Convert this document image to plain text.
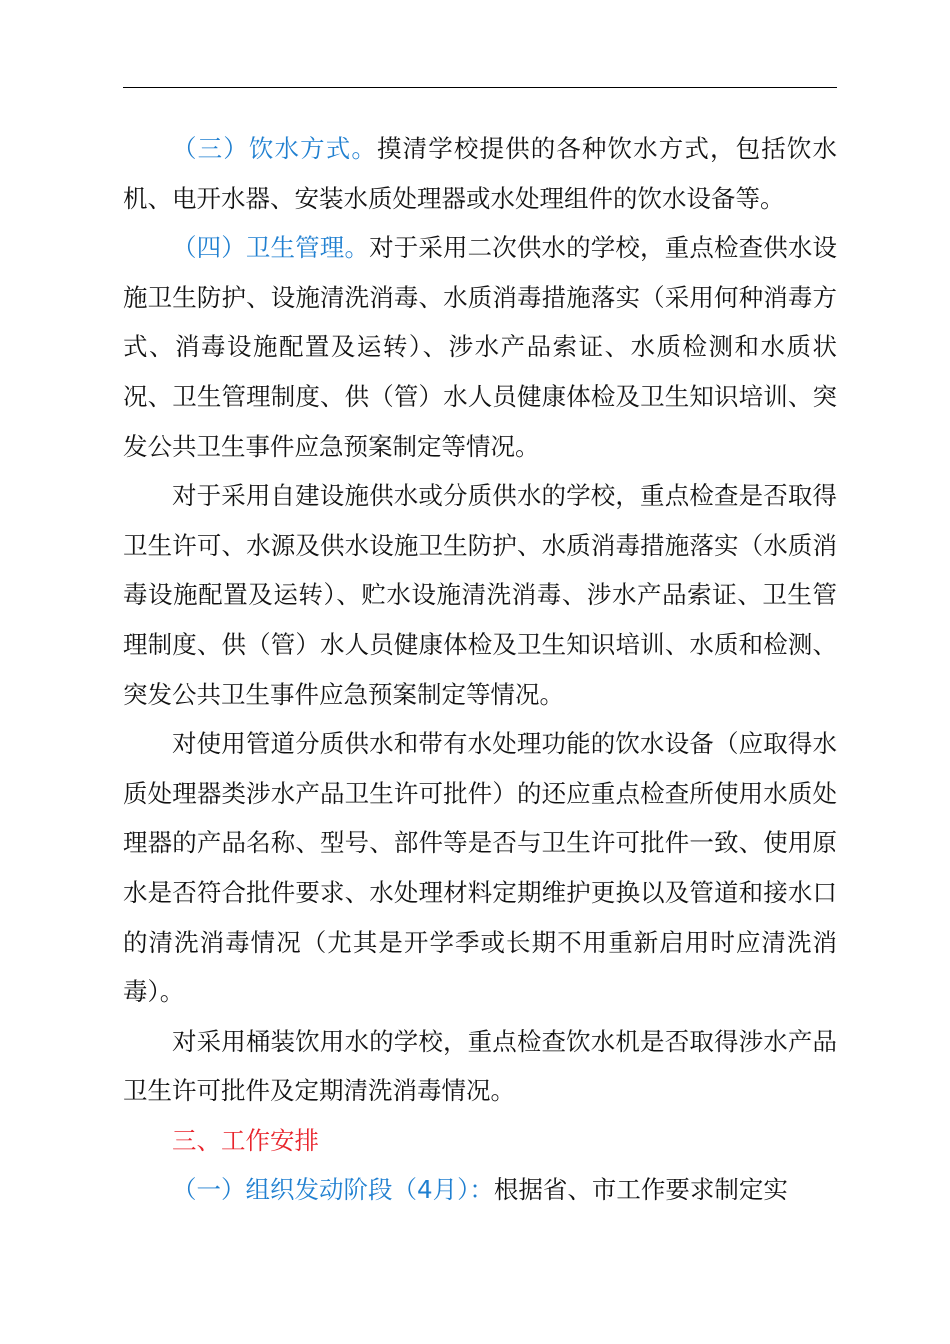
（三）饮水方式。摸清学校提供的各种饮水方式，包括饮水机、电开水器、安装水质处理器或水处理组件的饮水设备等。

（四）卫生管理。对于采用二次供水的学校，重点检查供水设施卫生防护、设施清洗消毒、水质消毒措施落实（采用何种消毒方式、消毒设施配置及运转）、涉水产品索证、水质检测和水质状况、卫生管理制度、供（管）水人员健康体检及卫生知识培训、突发公共卫生事件应急预案制定等情况。

对于采用自建设施供水或分质供水的学校，重点检查是否取得卫生许可、水源及供水设施卫生防护、水质消毒措施落实（水质消毒设施配置及运转）、贮水设施清洗消毒、涉水产品索证、卫生管理制度、供（管）水人员健康体检及卫生知识培训、水质和检测、突发公共卫生事件应急预案制定等情况。

对使用管道分质供水和带有水处理功能的饮水设备（应取得水质处理器类涉水产品卫生许可批件）的还应重点检查所使用水质处理器的产品名称、型号、部件等是否与卫生许可批件一致、使用原水是否符合批件要求、水处理材料定期维护更换以及管道和接水口的清洗消毒情况（尤其是开学季或长期不用重新启用时应清洗消毒）。

对采用桶装饮用水的学校，重点检查饮水机是否取得涉水产品卫生许可批件及定期清洗消毒情况。

三、工作安排

（一）组织发动阶段（4月）：根据省、市工作要求制定实
